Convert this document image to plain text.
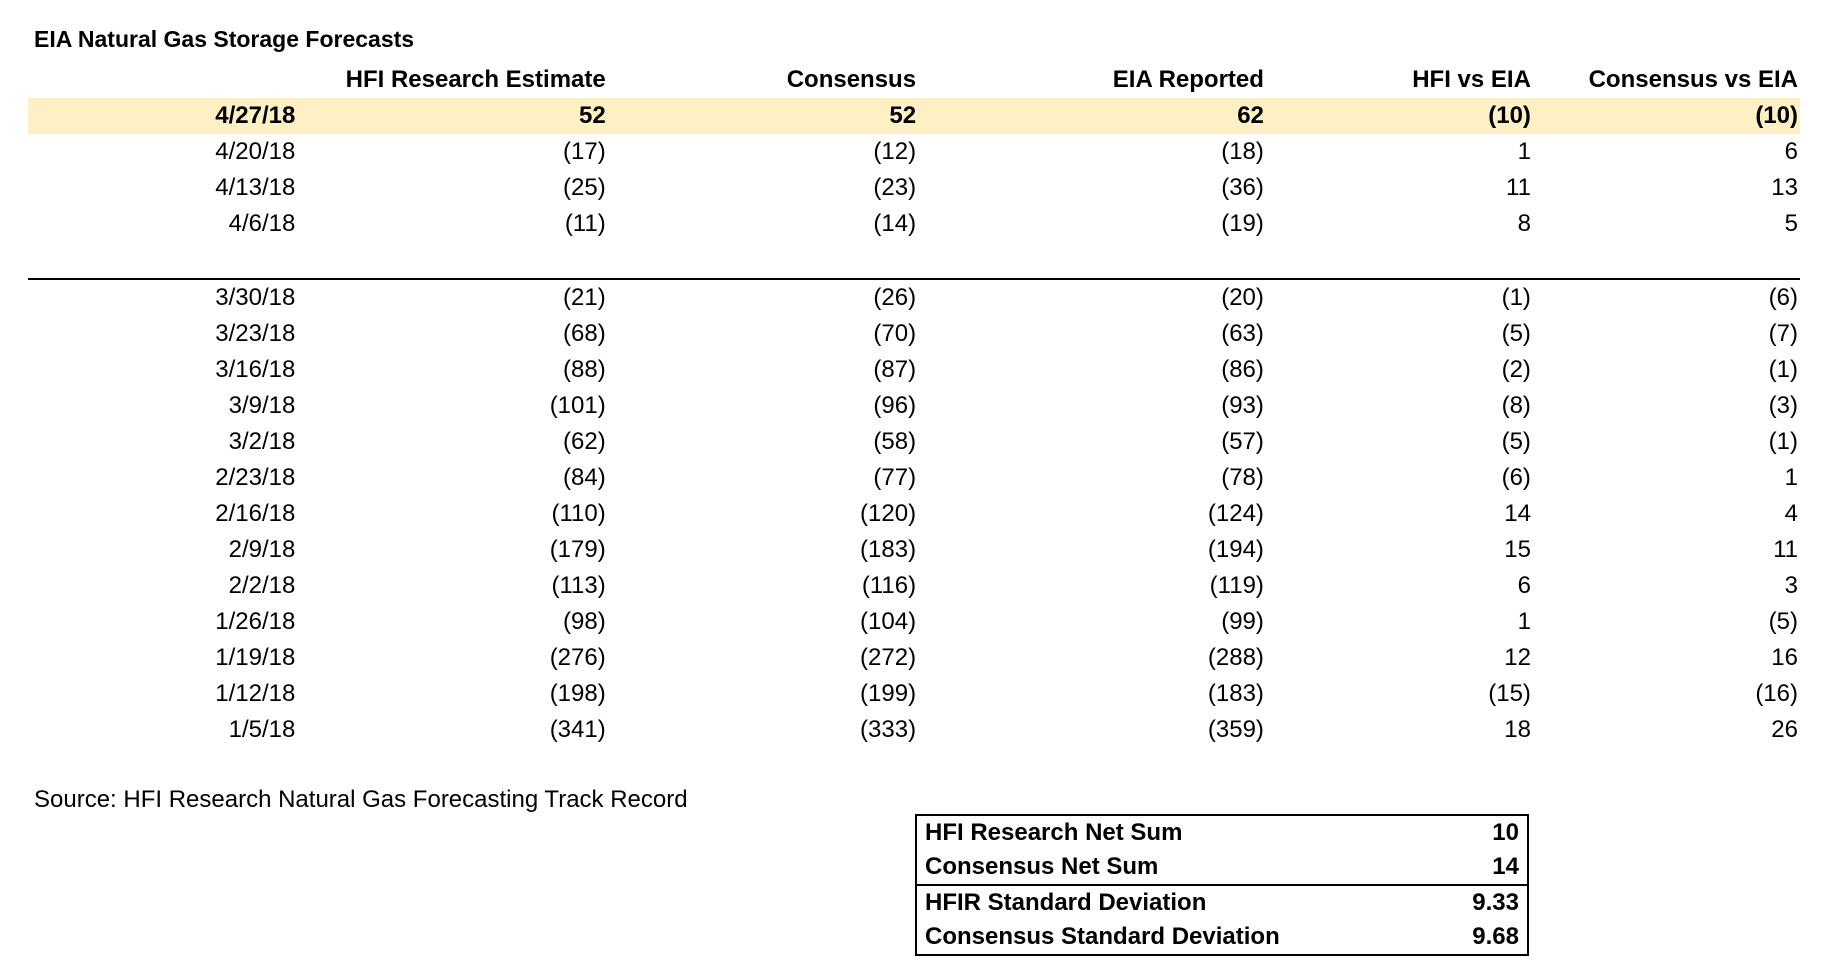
EIA Natural Gas Storage Forecasts
	HFI Research Estimate	Consensus	EIA Reported	HFI vs EIA	Consensus vs EIA
4/27/18	52	52	62	(10)	(10)
4/20/18	(17)	(12)	(18)	1	6
4/13/18	(25)	(23)	(36)	11	13
4/6/18	(11)	(14)	(19)	8	5

3/30/18	(21)	(26)	(20)	(1)	(6)
3/23/18	(68)	(70)	(63)	(5)	(7)
3/16/18	(88)	(87)	(86)	(2)	(1)
3/9/18	(101)	(96)	(93)	(8)	(3)
3/2/18	(62)	(58)	(57)	(5)	(1)
2/23/18	(84)	(77)	(78)	(6)	1
2/16/18	(110)	(120)	(124)	14	4
2/9/18	(179)	(183)	(194)	15	11
2/2/18	(113)	(116)	(119)	6	3
1/26/18	(98)	(104)	(99)	1	(5)
1/19/18	(276)	(272)	(288)	12	16
1/12/18	(198)	(199)	(183)	(15)	(16)
1/5/18	(341)	(333)	(359)	18	26
Source: HFI Research Natural Gas Forecasting Track Record
HFI Research Net Sum	10
Consensus Net Sum	14
HFIR Standard Deviation	9.33
Consensus Standard Deviation	9.68
